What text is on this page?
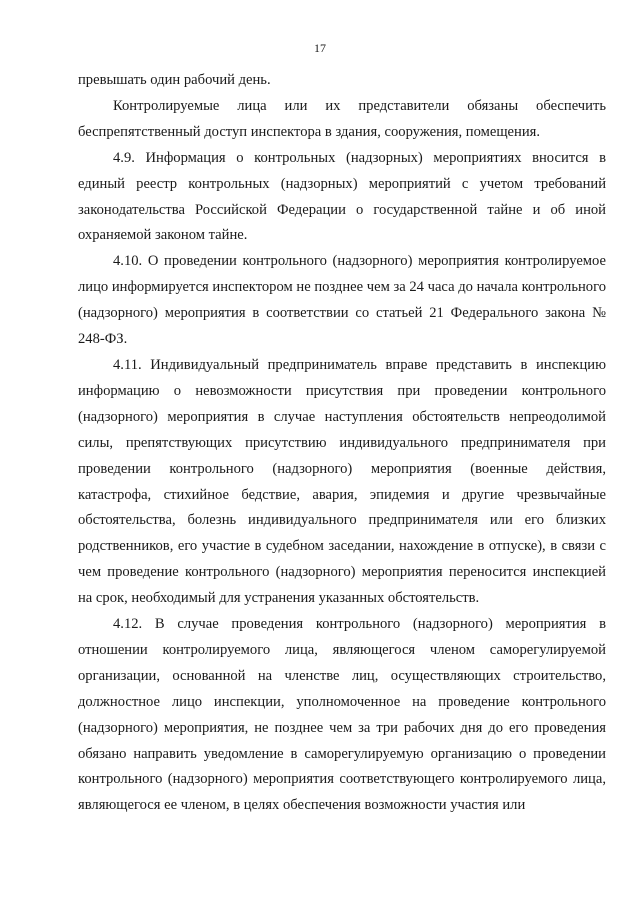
17

превышать один рабочий день.

Контролируемые лица или их представители обязаны обеспечить беспрепятственный доступ инспектора в здания, сооружения, помещения.

4.9. Информация о контрольных (надзорных) мероприятиях вносится в единый реестр контрольных (надзорных) мероприятий с учетом требований законодательства Российской Федерации о государственной тайне и об иной охраняемой законом тайне.

4.10. О проведении контрольного (надзорного) мероприятия контролируемое лицо информируется инспектором не позднее чем за 24 часа до начала контрольного (надзорного) мероприятия в соответствии со статьей 21 Федерального закона № 248-ФЗ.

4.11. Индивидуальный предприниматель вправе представить в инспекцию информацию о невозможности присутствия при проведении контрольного (надзорного) мероприятия в случае наступления обстоятельств непреодолимой силы, препятствующих присутствию индивидуального предпринимателя при проведении контрольного (надзорного) мероприятия (военные действия, катастрофа, стихийное бедствие, авария, эпидемия и другие чрезвычайные обстоятельства, болезнь индивидуального предпринимателя или его близких родственников, его участие в судебном заседании, нахождение в отпуске), в связи с чем проведение контрольного (надзорного) мероприятия переносится инспекцией на срок, необходимый для устранения указанных обстоятельств.

4.12. В случае проведения контрольного (надзорного) мероприятия в отношении контролируемого лица, являющегося членом саморегулируемой организации, основанной на членстве лиц, осуществляющих строительство, должностное лицо инспекции, уполномоченное на проведение контрольного (надзорного) мероприятия, не позднее чем за три рабочих дня до его проведения обязано направить уведомление в саморегулируемую организацию о проведении контрольного (надзорного) мероприятия соответствующего контролируемого лица, являющегося ее членом, в целях обеспечения возможности участия или
